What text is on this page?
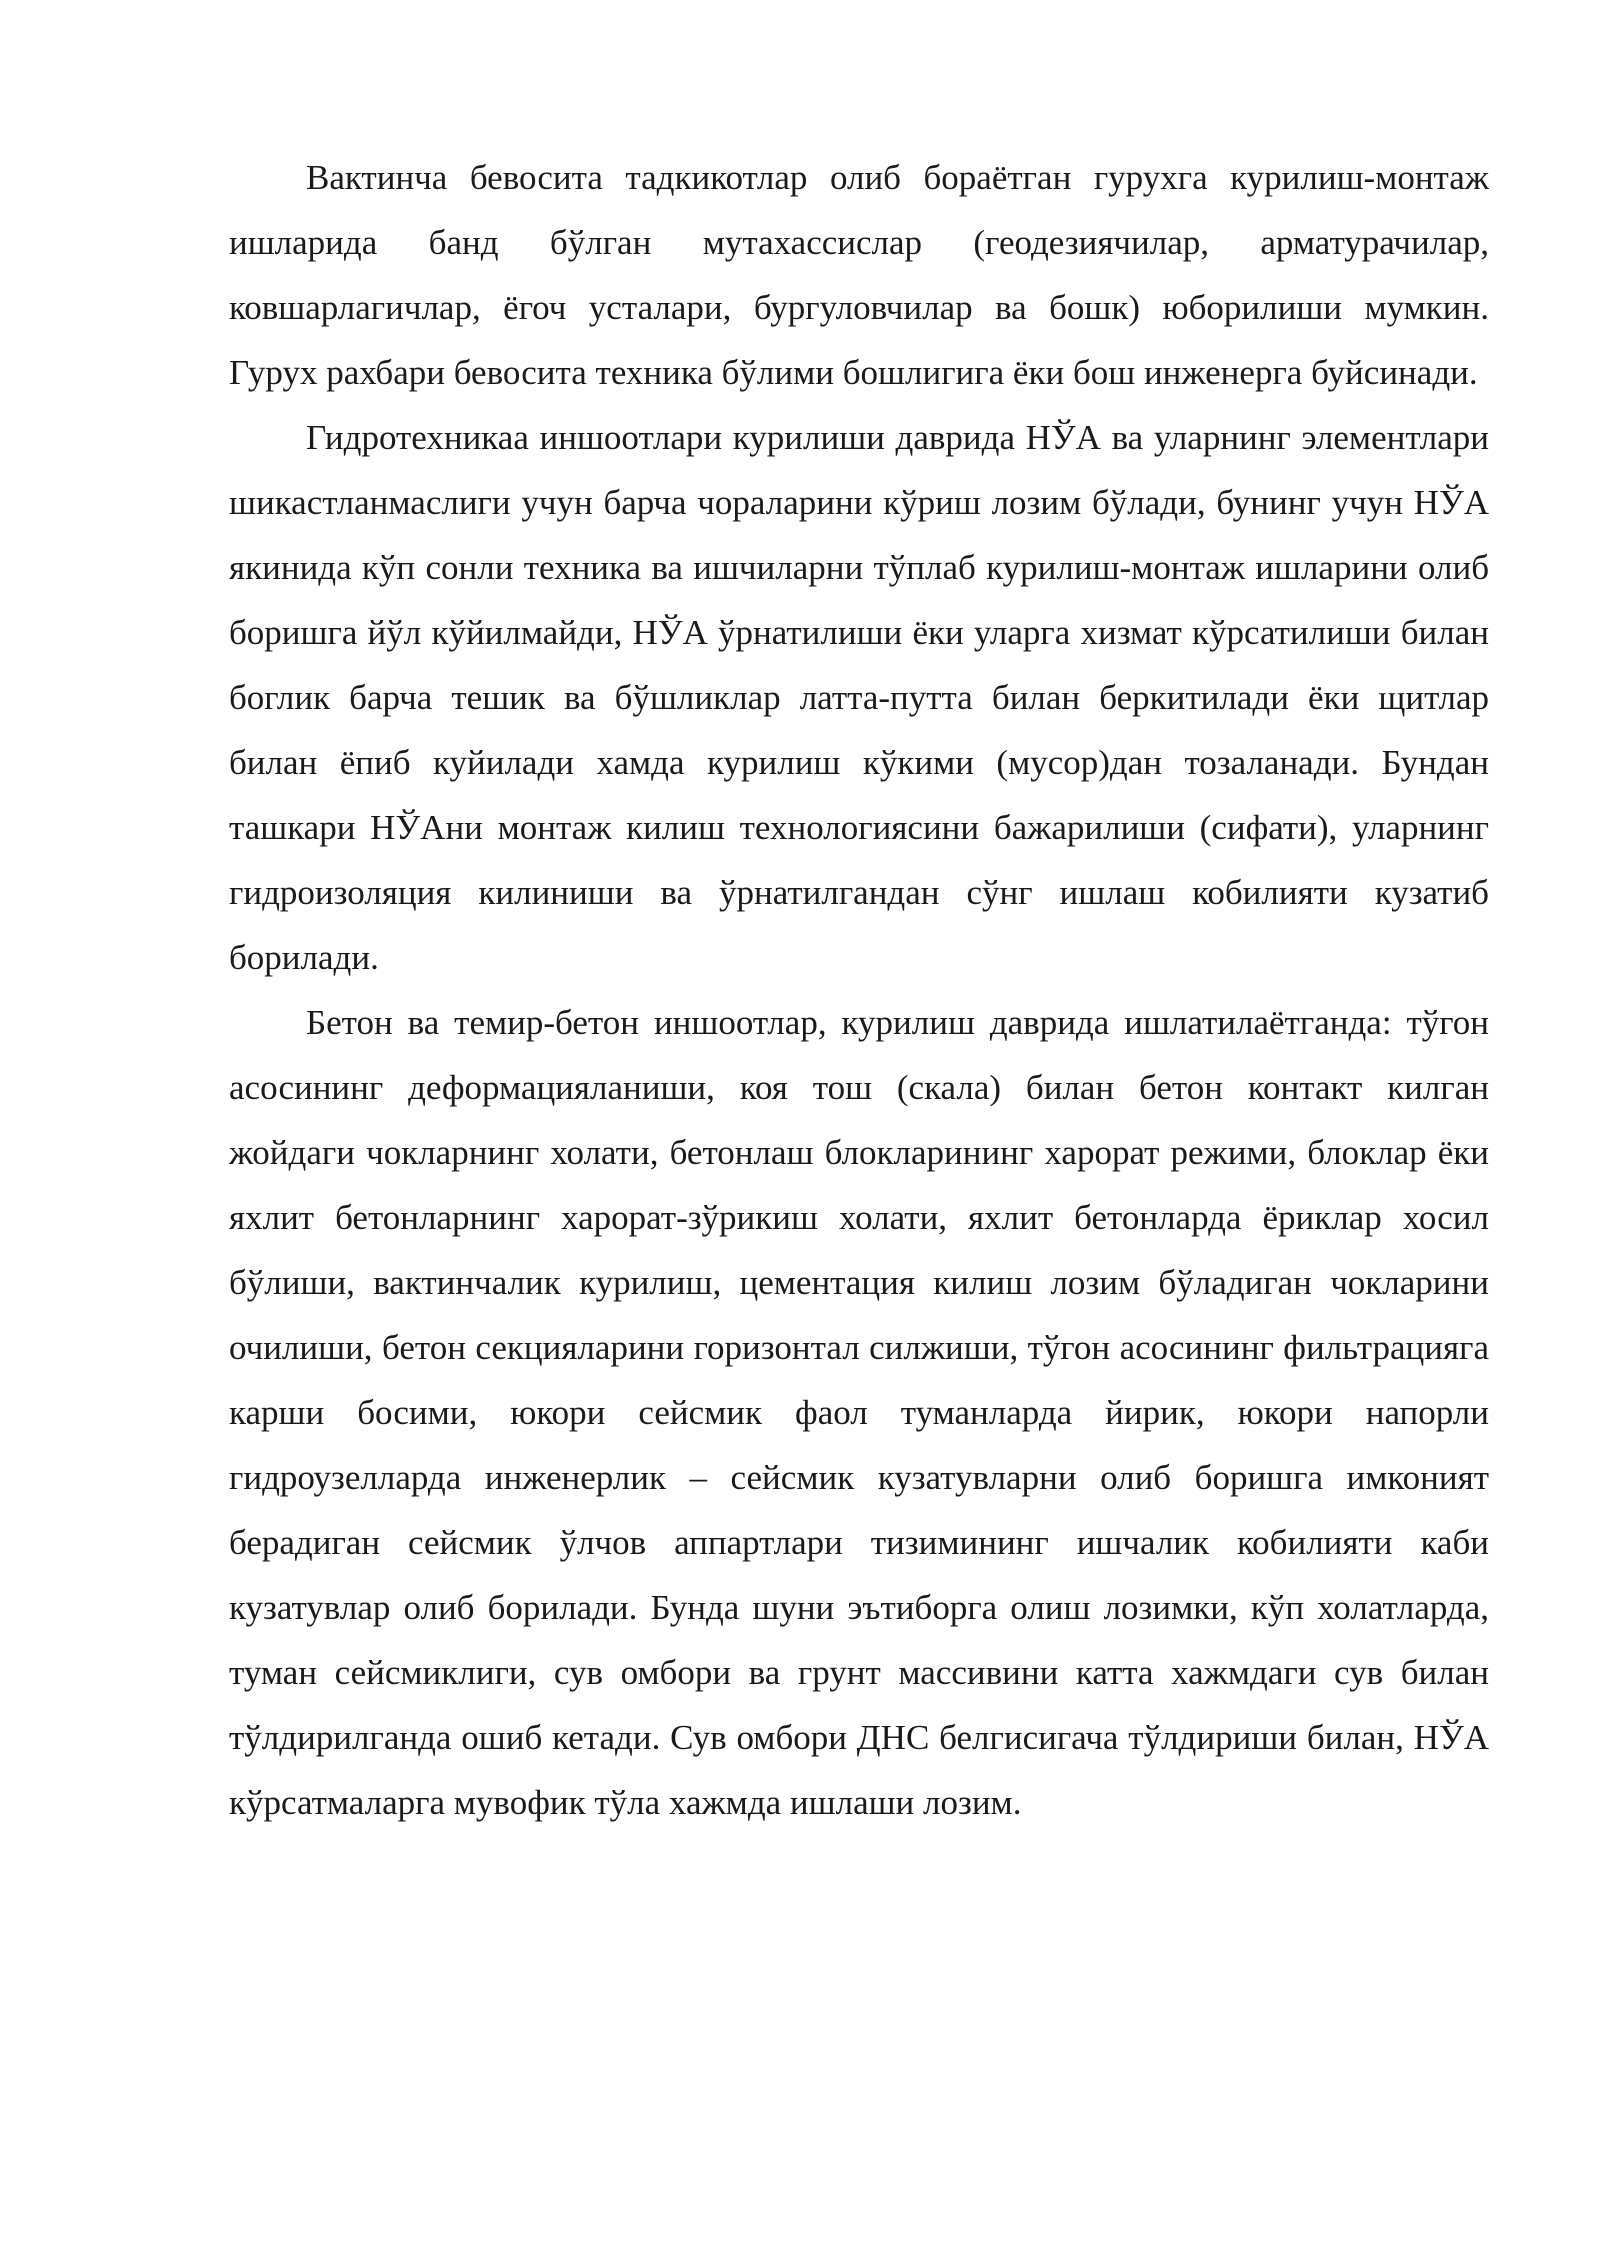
Вактинча бевосита тадкикотлар олиб бораётган гурухга курилиш-монтаж ишларида банд бўлган мутахассислар (геодезиячилар, арматурачилар, ковшарлагичлар, ёгоч усталари, бургуловчилар ва бошк) юборилиши мумкин. Гурух рахбари бевосита техника бўлими бошлигига ёки бош инженерга буйсинади.

Гидротехникаа иншоотлари курилиши даврида НЎА ва уларнинг элементлари шикастланмаслиги учун барча чораларини кўриш лозим бўлади, бунинг учун НЎА якинида кўп сонли техника ва ишчиларни тўплаб курилиш-монтаж ишларини олиб боришга йўл кўйилмайди, НЎА ўрнатилиши ёки уларга хизмат кўрсатилиши билан боглик барча тешик ва бўшликлар латта-путта билан беркитилади ёки щитлар билан ёпиб куйилади хамда курилиш кўкими (мусор)дан тозаланади. Бундан ташкари НЎАни монтаж килиш технологиясини бажарилиши (сифати), уларнинг гидроизоляция килиниши ва ўрнатилгандан сўнг ишлаш кобилияти кузатиб борилади.

Бетон ва темир-бетон иншоотлар, курилиш даврида ишлатилаётганда: тўгон асосининг деформацияланиши, коя тош (скала) билан бетон контакт килган жойдаги чокларнинг холати, бетонлаш блокларининг харорат режими, блоклар ёки яхлит бетонларнинг харорат-зўрикиш холати, яхлит бетонларда ёриклар хосил бўлиши, вактинчалик курилиш, цементация килиш лозим бўладиган чокларини очилиши, бетон секцияларини горизонтал силжиши, тўгон асосининг фильтрацияга карши босими, юкори сейсмик фаол туманларда йирик, юкори напорли гидроузелларда инженерлик – сейсмик кузатувларни олиб боришга имконият берадиган сейсмик ўлчов аппартлари тизимининг ишчалик кобилияти каби кузатувлар олиб борилади. Бунда шуни эътиборга олиш лозимки, кўп холатларда, туман сейсмиклиги, сув омбори ва грунт массивини катта хажмдаги сув билан тўлдирилганда ошиб кетади. Сув омбори ДНС белгисигача тўлдириши билан, НЎА кўрсатмаларга мувофик тўла хажмда ишлаши лозим.
